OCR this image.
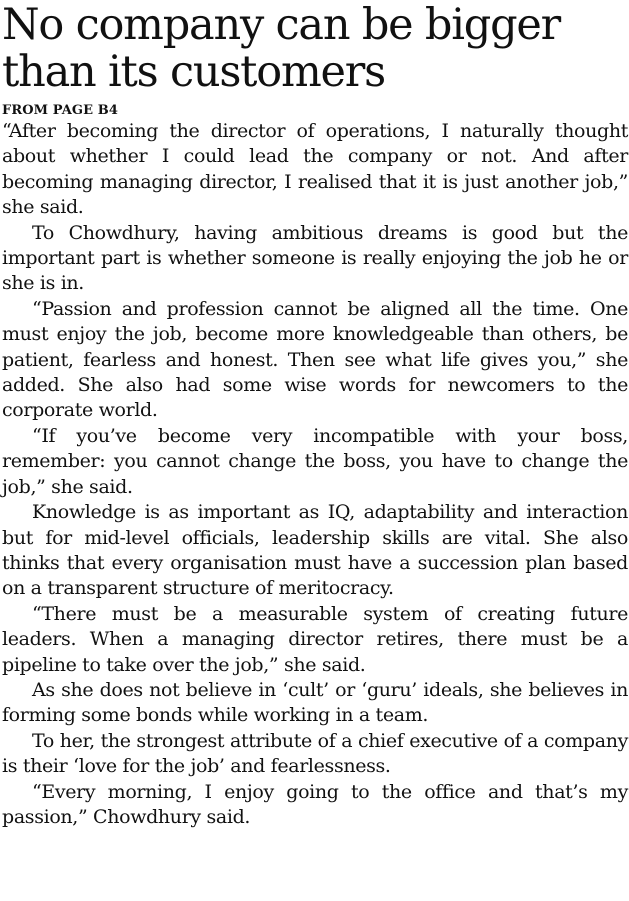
No company can be bigger than its customers
FROM PAGE B4

“After becoming the director of operations, I naturally thought about whether I could lead the company or not. And after becoming managing director, I realised that it is just another job,” she said.

To Chowdhury, having ambitious dreams is good but the important part is whether someone is really enjoying the job he or she is in.

“Passion and profession cannot be aligned all the time. One must enjoy the job, become more knowledgeable than others, be patient, fearless and honest. Then see what life gives you,” she added. She also had some wise words for newcomers to the corporate world.

“If you’ve become very incompatible with your boss, remember: you cannot change the boss, you have to change the job,” she said.

Knowledge is as important as IQ, adaptability and interaction but for mid-level officials, leadership skills are vital. She also thinks that every organisation must have a succession plan based on a transparent structure of meritocracy.

“There must be a measurable system of creating future leaders. When a managing director retires, there must be a pipeline to take over the job,” she said.

As she does not believe in ‘cult’ or ‘guru’ ideals, she believes in forming some bonds while working in a team.

To her, the strongest attribute of a chief executive of a company is their ‘love for the job’ and fearlessness.

“Every morning, I enjoy going to the office and that’s my passion,” Chowdhury said.
